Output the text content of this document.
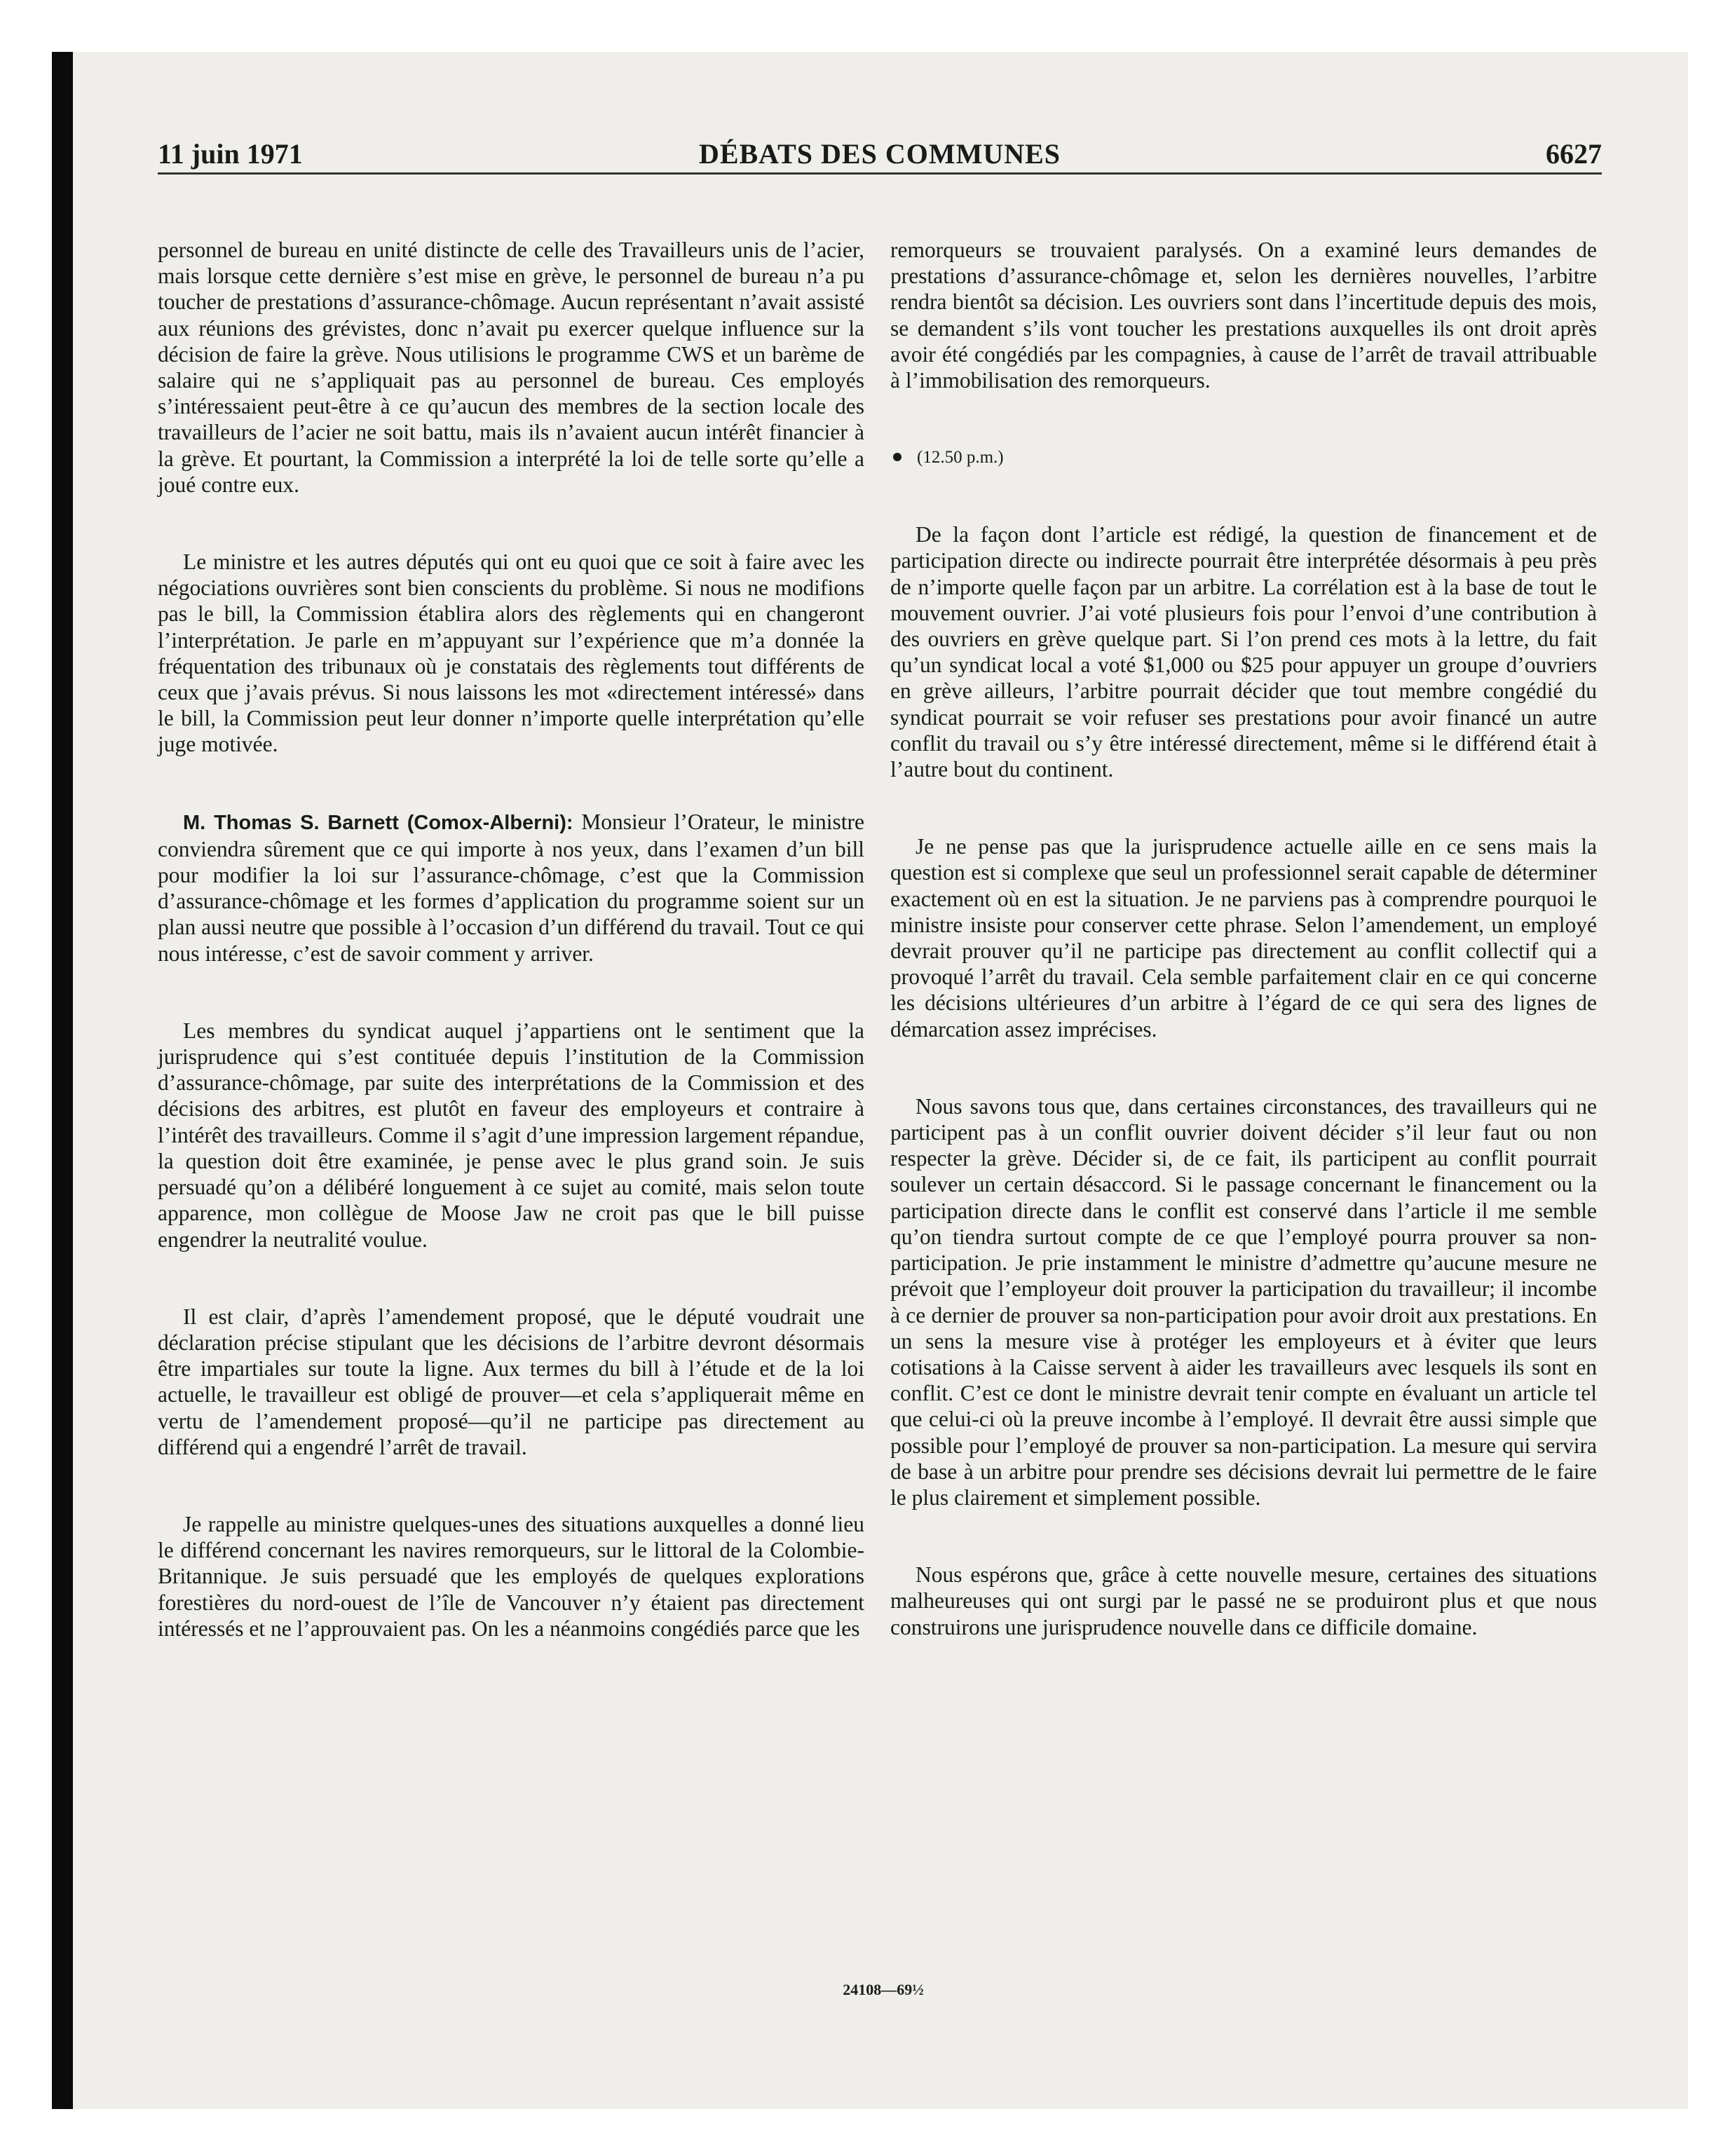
11 juin 1971	DÉBATS DES COMMUNES	6627

personnel de bureau en unité distincte de celle des Travailleurs unis de l’acier, mais lorsque cette dernière s’est mise en grève, le personnel de bureau n’a pu toucher de prestations d’assurance-chômage. Aucun représentant n’avait assisté aux réunions des grévistes, donc n’avait pu exercer quelque influence sur la décision de faire la grève. Nous utilisions le programme CWS et un barème de salaire qui ne s’appliquait pas au personnel de bureau. Ces employés s’intéressaient peut-être à ce qu’aucun des membres de la section locale des travailleurs de l’acier ne soit battu, mais ils n’avaient aucun intérêt financier à la grève. Et pourtant, la Commission a interprété la loi de telle sorte qu’elle a joué contre eux.

Le ministre et les autres députés qui ont eu quoi que ce soit à faire avec les négociations ouvrières sont bien conscients du problème. Si nous ne modifions pas le bill, la Commission établira alors des règlements qui en changeront l’interprétation. Je parle en m’appuyant sur l’expérience que m’a donnée la fréquentation des tribunaux où je constatais des règlements tout différents de ceux que j’avais prévus. Si nous laissons les mot «directement intéressé» dans le bill, la Commission peut leur donner n’importe quelle interprétation qu’elle juge motivée.

M. Thomas S. Barnett (Comox-Alberni): Monsieur l’Orateur, le ministre conviendra sûrement que ce qui importe à nos yeux, dans l’examen d’un bill pour modifier la loi sur l’assurance-chômage, c’est que la Commission d’assurance-chômage et les formes d’application du programme soient sur un plan aussi neutre que possible à l’occasion d’un différend du travail. Tout ce qui nous intéresse, c’est de savoir comment y arriver.

Les membres du syndicat auquel j’appartiens ont le sentiment que la jurisprudence qui s’est contituée depuis l’institution de la Commission d’assurance-chômage, par suite des interprétations de la Commission et des décisions des arbitres, est plutôt en faveur des employeurs et contraire à l’intérêt des travailleurs. Comme il s’agit d’une impression largement répandue, la question doit être examinée, je pense avec le plus grand soin. Je suis persuadé qu’on a délibéré longuement à ce sujet au comité, mais selon toute apparence, mon collègue de Moose Jaw ne croit pas que le bill puisse engendrer la neutralité voulue.

Il est clair, d’après l’amendement proposé, que le député voudrait une déclaration précise stipulant que les décisions de l’arbitre devront désormais être impartiales sur toute la ligne. Aux termes du bill à l’étude et de la loi actuelle, le travailleur est obligé de prouver—et cela s’appliquerait même en vertu de l’amendement proposé—qu’il ne participe pas directement au différend qui a engendré l’arrêt de travail.

Je rappelle au ministre quelques-unes des situations auxquelles a donné lieu le différend concernant les navires remorqueurs, sur le littoral de la Colombie-Britannique. Je suis persuadé que les employés de quelques explorations forestières du nord-ouest de l’île de Vancouver n’y étaient pas directement intéressés et ne l’approuvaient pas. On les a néanmoins congédiés parce que les

remorqueurs se trouvaient paralysés. On a examiné leurs demandes de prestations d’assurance-chômage et, selon les dernières nouvelles, l’arbitre rendra bientôt sa décision. Les ouvriers sont dans l’incertitude depuis des mois, se demandent s’ils vont toucher les prestations auxquelles ils ont droit après avoir été congédiés par les compagnies, à cause de l’arrêt de travail attribuable à l’immobilisation des remorqueurs.

(12.50 p.m.)

De la façon dont l’article est rédigé, la question de financement et de participation directe ou indirecte pourrait être interprétée désormais à peu près de n’importe quelle façon par un arbitre. La corrélation est à la base de tout le mouvement ouvrier. J’ai voté plusieurs fois pour l’envoi d’une contribution à des ouvriers en grève quelque part. Si l’on prend ces mots à la lettre, du fait qu’un syndicat local a voté $1,000 ou $25 pour appuyer un groupe d’ouvriers en grève ailleurs, l’arbitre pourrait décider que tout membre congédié du syndicat pourrait se voir refuser ses prestations pour avoir financé un autre conflit du travail ou s’y être intéressé directement, même si le différend était à l’autre bout du continent.

Je ne pense pas que la jurisprudence actuelle aille en ce sens mais la question est si complexe que seul un professionnel serait capable de déterminer exactement où en est la situation. Je ne parviens pas à comprendre pourquoi le ministre insiste pour conserver cette phrase. Selon l’amendement, un employé devrait prouver qu’il ne participe pas directement au conflit collectif qui a provoqué l’arrêt du travail. Cela semble parfaitement clair en ce qui concerne les décisions ultérieures d’un arbitre à l’égard de ce qui sera des lignes de démarcation assez imprécises.

Nous savons tous que, dans certaines circonstances, des travailleurs qui ne participent pas à un conflit ouvrier doivent décider s’il leur faut ou non respecter la grève. Décider si, de ce fait, ils participent au conflit pourrait soulever un certain désaccord. Si le passage concernant le financement ou la participation directe dans le conflit est conservé dans l’article il me semble qu’on tiendra surtout compte de ce que l’employé pourra prouver sa non-participation. Je prie instamment le ministre d’admettre qu’aucune mesure ne prévoit que l’employeur doit prouver la participation du travailleur; il incombe à ce dernier de prouver sa non-participation pour avoir droit aux prestations. En un sens la mesure vise à protéger les employeurs et à éviter que leurs cotisations à la Caisse servent à aider les travailleurs avec lesquels ils sont en conflit. C’est ce dont le ministre devrait tenir compte en évaluant un article tel que celui-ci où la preuve incombe à l’employé. Il devrait être aussi simple que possible pour l’employé de prouver sa non-participation. La mesure qui servira de base à un arbitre pour prendre ses décisions devrait lui permettre de le faire le plus clairement et simplement possible.

Nous espérons que, grâce à cette nouvelle mesure, certaines des situations malheureuses qui ont surgi par le passé ne se produiront plus et que nous construirons une jurisprudence nouvelle dans ce difficile domaine.

24108—69½
